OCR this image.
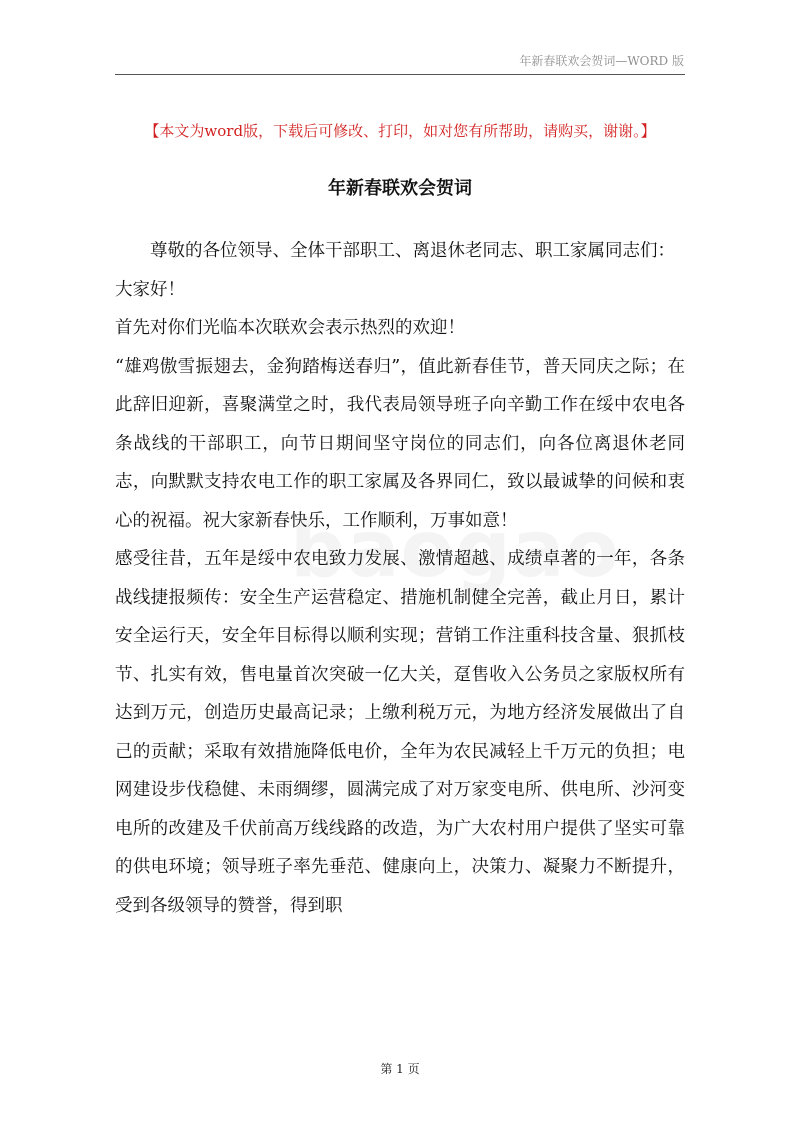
年新春联欢会贺词—WORD 版
【本文为word版，下载后可修改、打印，如对您有所帮助，请购买，谢谢。】
年新春联欢会贺词

尊敬的各位领导、全体干部职工、离退休老同志、职工家属同志们：

大家好！

首先对你们光临本次联欢会表示热烈的欢迎！

“雄鸡傲雪振翅去，金狗踏梅送春归”，值此新春佳节，普天同庆之际；在此辞旧迎新，喜聚满堂之时，我代表局领导班子向辛勤工作在绥中农电各条战线的干部职工，向节日期间坚守岗位的同志们，向各位离退休老同志，向默默支持农电工作的职工家属及各界同仁，致以最诚挚的问候和衷心的祝福。祝大家新春快乐，工作顺利，万事如意！

感受往昔，五年是绥中农电致力发展、激情超越、成绩卓著的一年，各条战线捷报频传：安全生产运营稳定、措施机制健全完善，截止月日，累计安全运行天，安全年目标得以顺利实现；营销工作注重科技含量、狠抓枝节、扎实有效，售电量首次突破一亿大关，趸售收入公务员之家版权所有达到万元，创造历史最高记录；上缴利税万元，为地方经济发展做出了自己的贡献；采取有效措施降低电价，全年为农民减轻上千万元的负担；电网建设步伐稳健、未雨绸缪，圆满完成了对万家变电所、供电所、沙河变电所的改建及千伏前高万线线路的改造，为广大农村用户提供了坚实可靠的供电环境；领导班子率先垂范、健康向上，决策力、凝聚力不断提升，受到各级领导的赞誉，得到职

第 1 页
